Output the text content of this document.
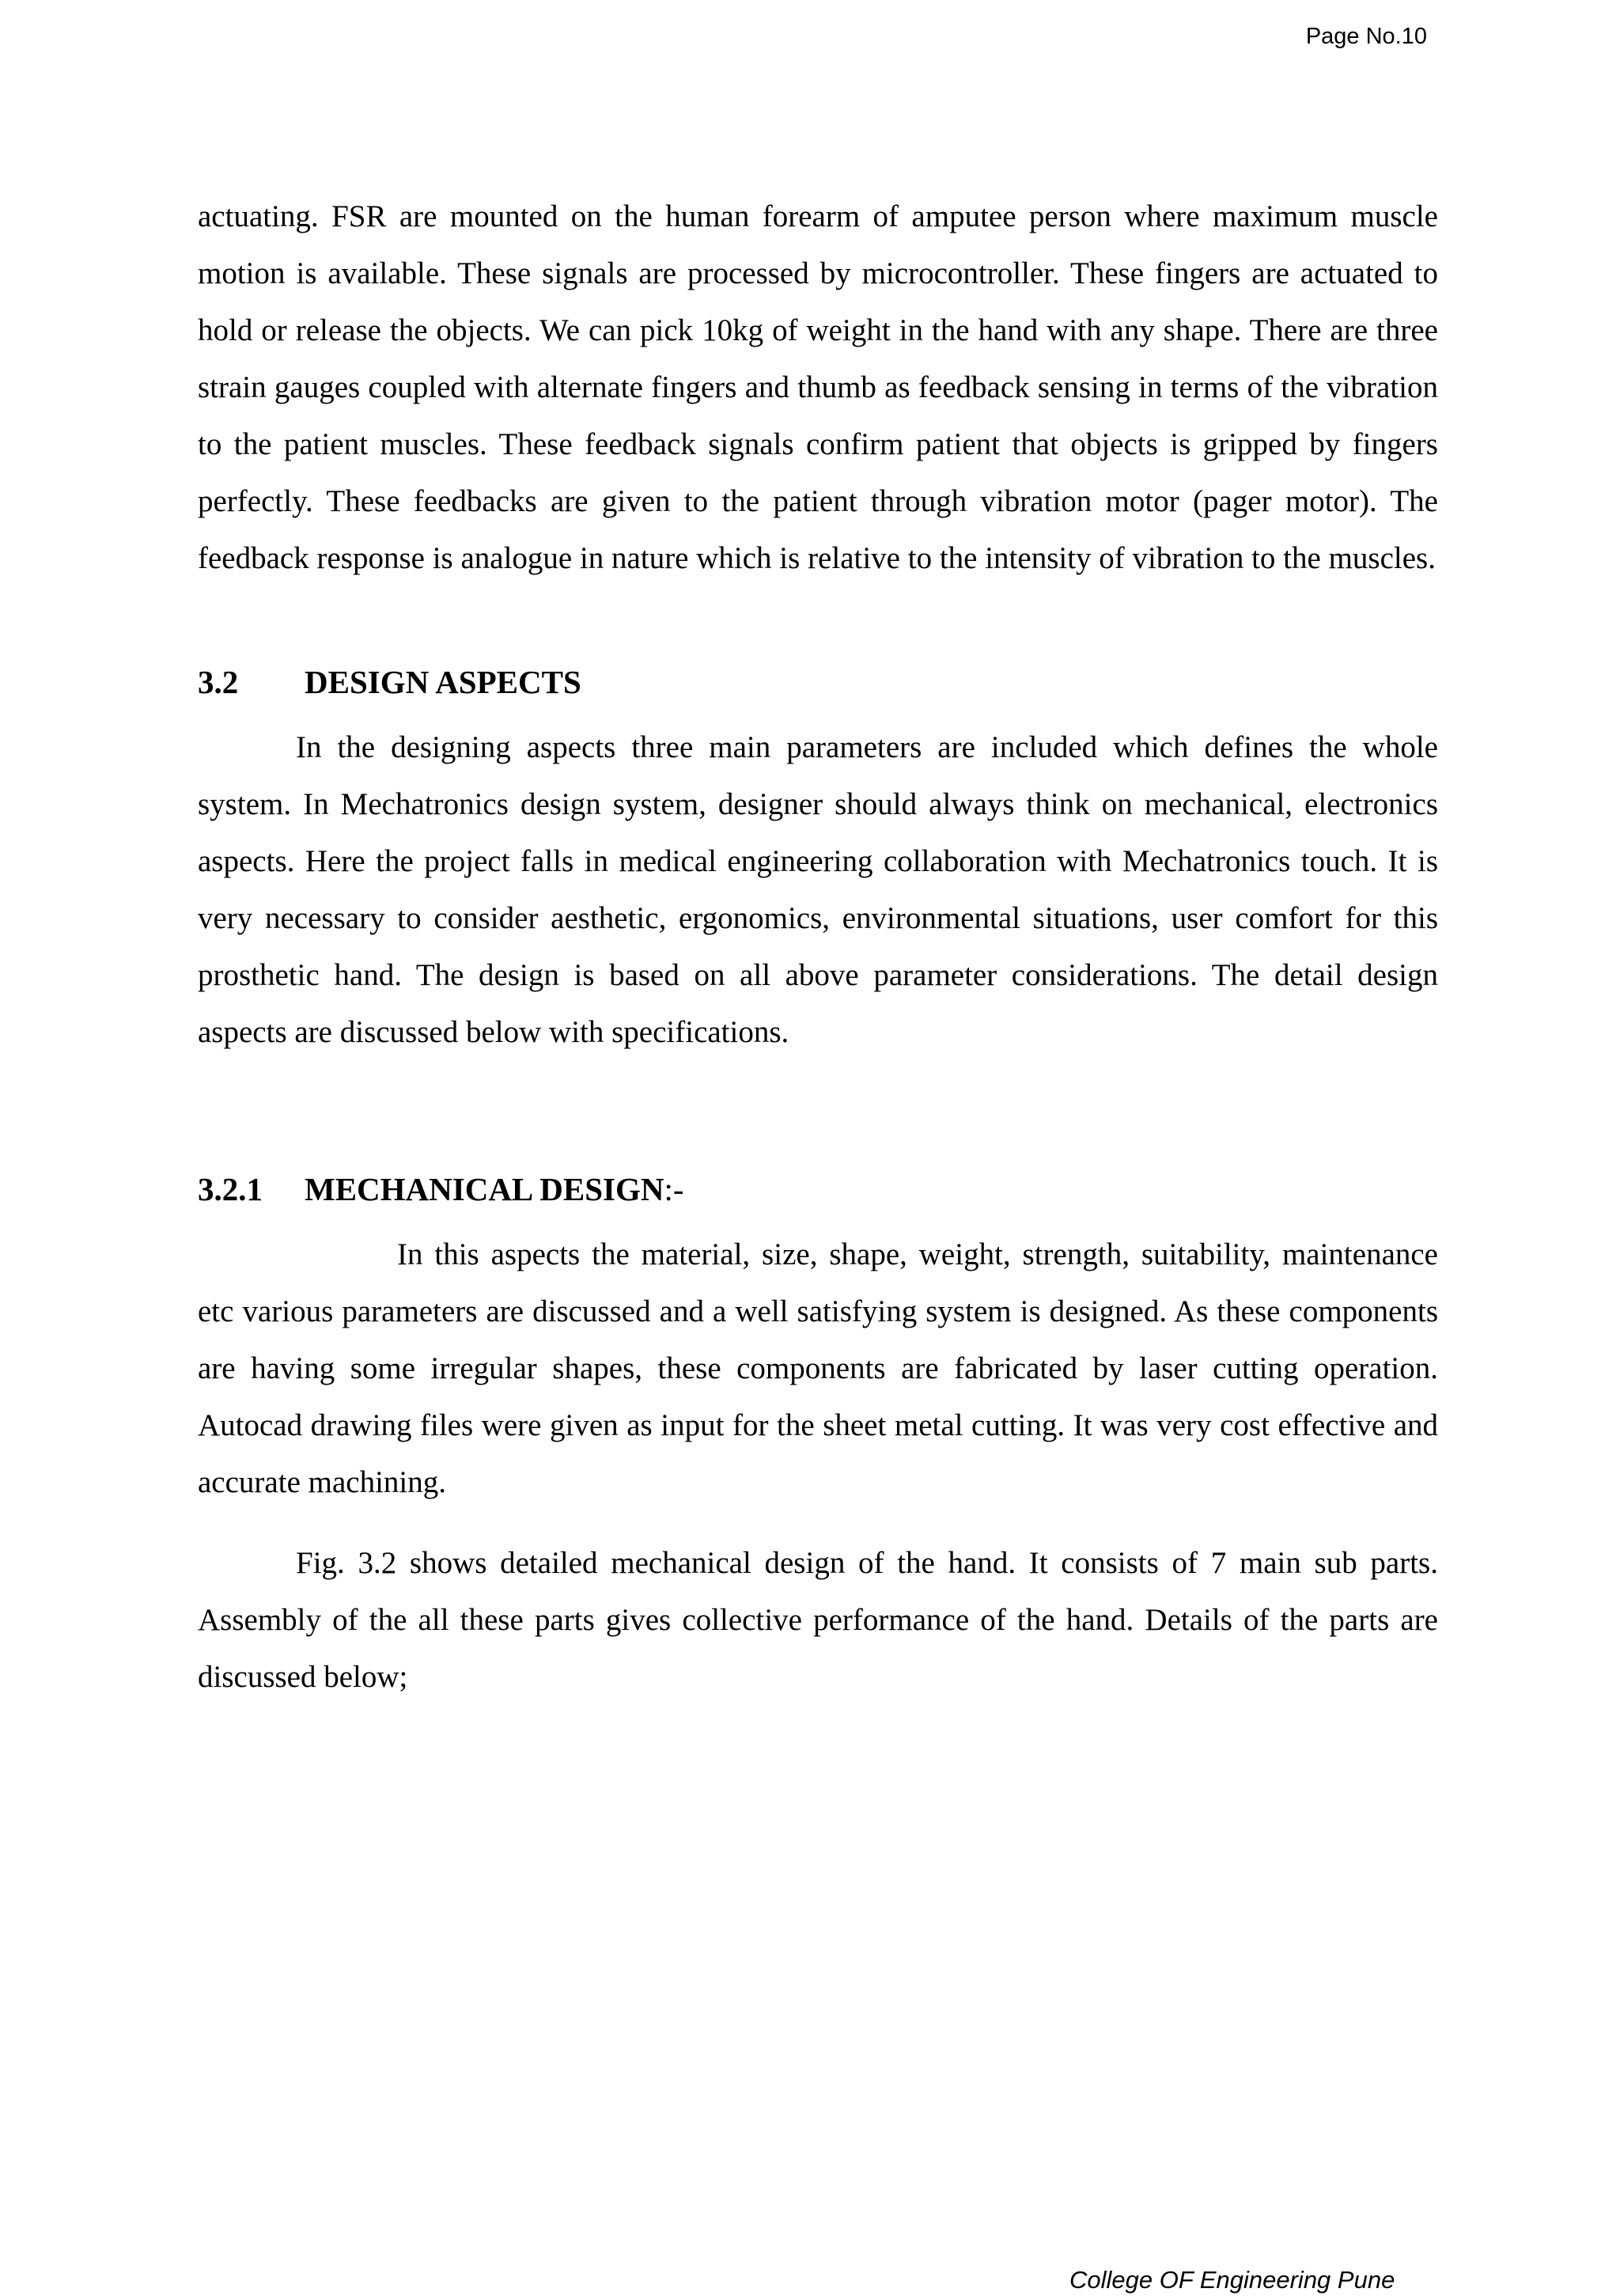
Page No.10

actuating. FSR are mounted on the human forearm of amputee person where maximum muscle motion is available. These signals are processed by microcontroller. These fingers are actuated to hold or release the objects. We can pick 10kg of weight in the hand with any shape. There are three strain gauges coupled with alternate fingers and thumb as feedback sensing in terms of the vibration to the patient muscles. These feedback signals confirm patient that objects is gripped by fingers perfectly. These feedbacks are given to the patient through vibration motor (pager motor). The feedback response is analogue in nature which is relative to the intensity of vibration to the muscles.

3.2 DESIGN ASPECTS

In the designing aspects three main parameters are included which defines the whole system. In Mechatronics design system, designer should always think on mechanical, electronics aspects. Here the project falls in medical engineering collaboration with Mechatronics touch. It is very necessary to consider aesthetic, ergonomics, environmental situations, user comfort for this prosthetic hand. The design is based on all above parameter considerations. The detail design aspects are discussed below with specifications.

3.2.1 MECHANICAL DESIGN:-

In this aspects the material, size, shape, weight, strength, suitability, maintenance etc various parameters are discussed and a well satisfying system is designed. As these components are having some irregular shapes, these components are fabricated by laser cutting operation. Autocad drawing files were given as input for the sheet metal cutting. It was very cost effective and accurate machining.

Fig. 3.2 shows detailed mechanical design of the hand. It consists of 7 main sub parts. Assembly of the all these parts gives collective performance of the hand. Details of the parts are discussed below;

College OF Engineering Pune
